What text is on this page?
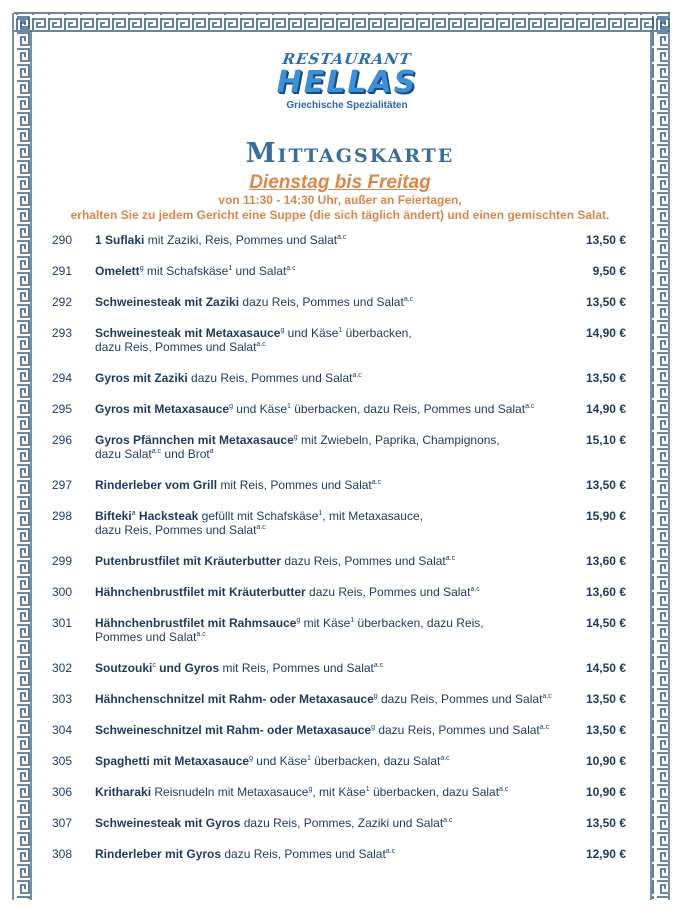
RESTAURANT
HELLAS
Griechische Spezialitäten
Mittagskarte
Dienstag bis Freitag
von 11:30 - 14:30 Uhr, außer an Feiertagen,
erhalten Sie zu jedem Gericht eine Suppe (die sich täglich ändert) und einen gemischten Salat.
290 1 Suflaki mit Zaziki, Reis, Pommes und Salat$^{a.c}$	13,50 €
291 Omelett$^g$ mit Schafskäse$^1$ und Salat$^{a.c}$	9,50 €
292 Schweinesteak mit Zaziki dazu Reis, Pommes und Salat$^{a.c}$	13,50 €
293 Schweinesteak mit Metaxasauce$^g$ und Käse$^1$ überbacken,
dazu Reis, Pommes und Salat$^{a.c}$
14,90 €
294 Gyros mit Zaziki dazu Reis, Pommes und Salat$^{a.c}$	13,50 €
295 Gyros mit Metaxasauce$^g$ und Käse$^1$ überbacken, dazu Reis, Pommes und Salat$^{a.c}$	14,90 €
296 Gyros Pfännchen mit Metaxasauce$^g$ mit Zwiebeln, Paprika, Champignons,
dazu Salat$^{a.c}$ und Brot$^a$
15,10 €
297 Rinderleber vom Grill mit Reis, Pommes und Salat$^{a.c}$	13,50 €
298 Bifteki$^a$ Hacksteak gefüllt mit Schafskäse$^1$, mit Metaxasauce,
dazu Reis, Pommes und Salat$^{a.c}$
15,90 €
299 Putenbrustfilet mit Kräuterbutter dazu Reis, Pommes und Salat$^{a.c}$	13,60 €
300 Hähnchenbrustfilet mit Kräuterbutter dazu Reis, Pommes und Salat$^{a.c}$	13,60 €
301 Hähnchenbrustfilet mit Rahmsauce$^g$ mit Käse$^1$ überbacken, dazu Reis,
Pommes und Salat$^{a.c}$
14,50 €
302 Soutzouki$^c$ und Gyros mit Reis, Pommes und Salat$^{a.c}$	14,50 €
303 Hähnchenschnitzel mit Rahm- oder Metaxasauce$^g$ dazu Reis, Pommes und Salat$^{a.c}$	13,50 €
304 Schweineschnitzel mit Rahm- oder Metaxasauce$^g$ dazu Reis, Pommes und Salat$^{a.c}$	13,50 €
305 Spaghetti mit Metaxasauce$^g$ und Käse$^1$ überbacken, dazu Salat$^{a.c}$	10,90 €
306 Kritharaki Reisnudeln mit Metaxasauce$^g$, mit Käse$^1$ überbacken, dazu Salat$^{a.c}$	10,90 €
307 Schweinesteak mit Gyros dazu Reis, Pommes, Zaziki und Salat$^{a.c}$	13,50 €
308 Rinderleber mit Gyros dazu Reis, Pommes und Salat$^{a.c}$	12,90 €
